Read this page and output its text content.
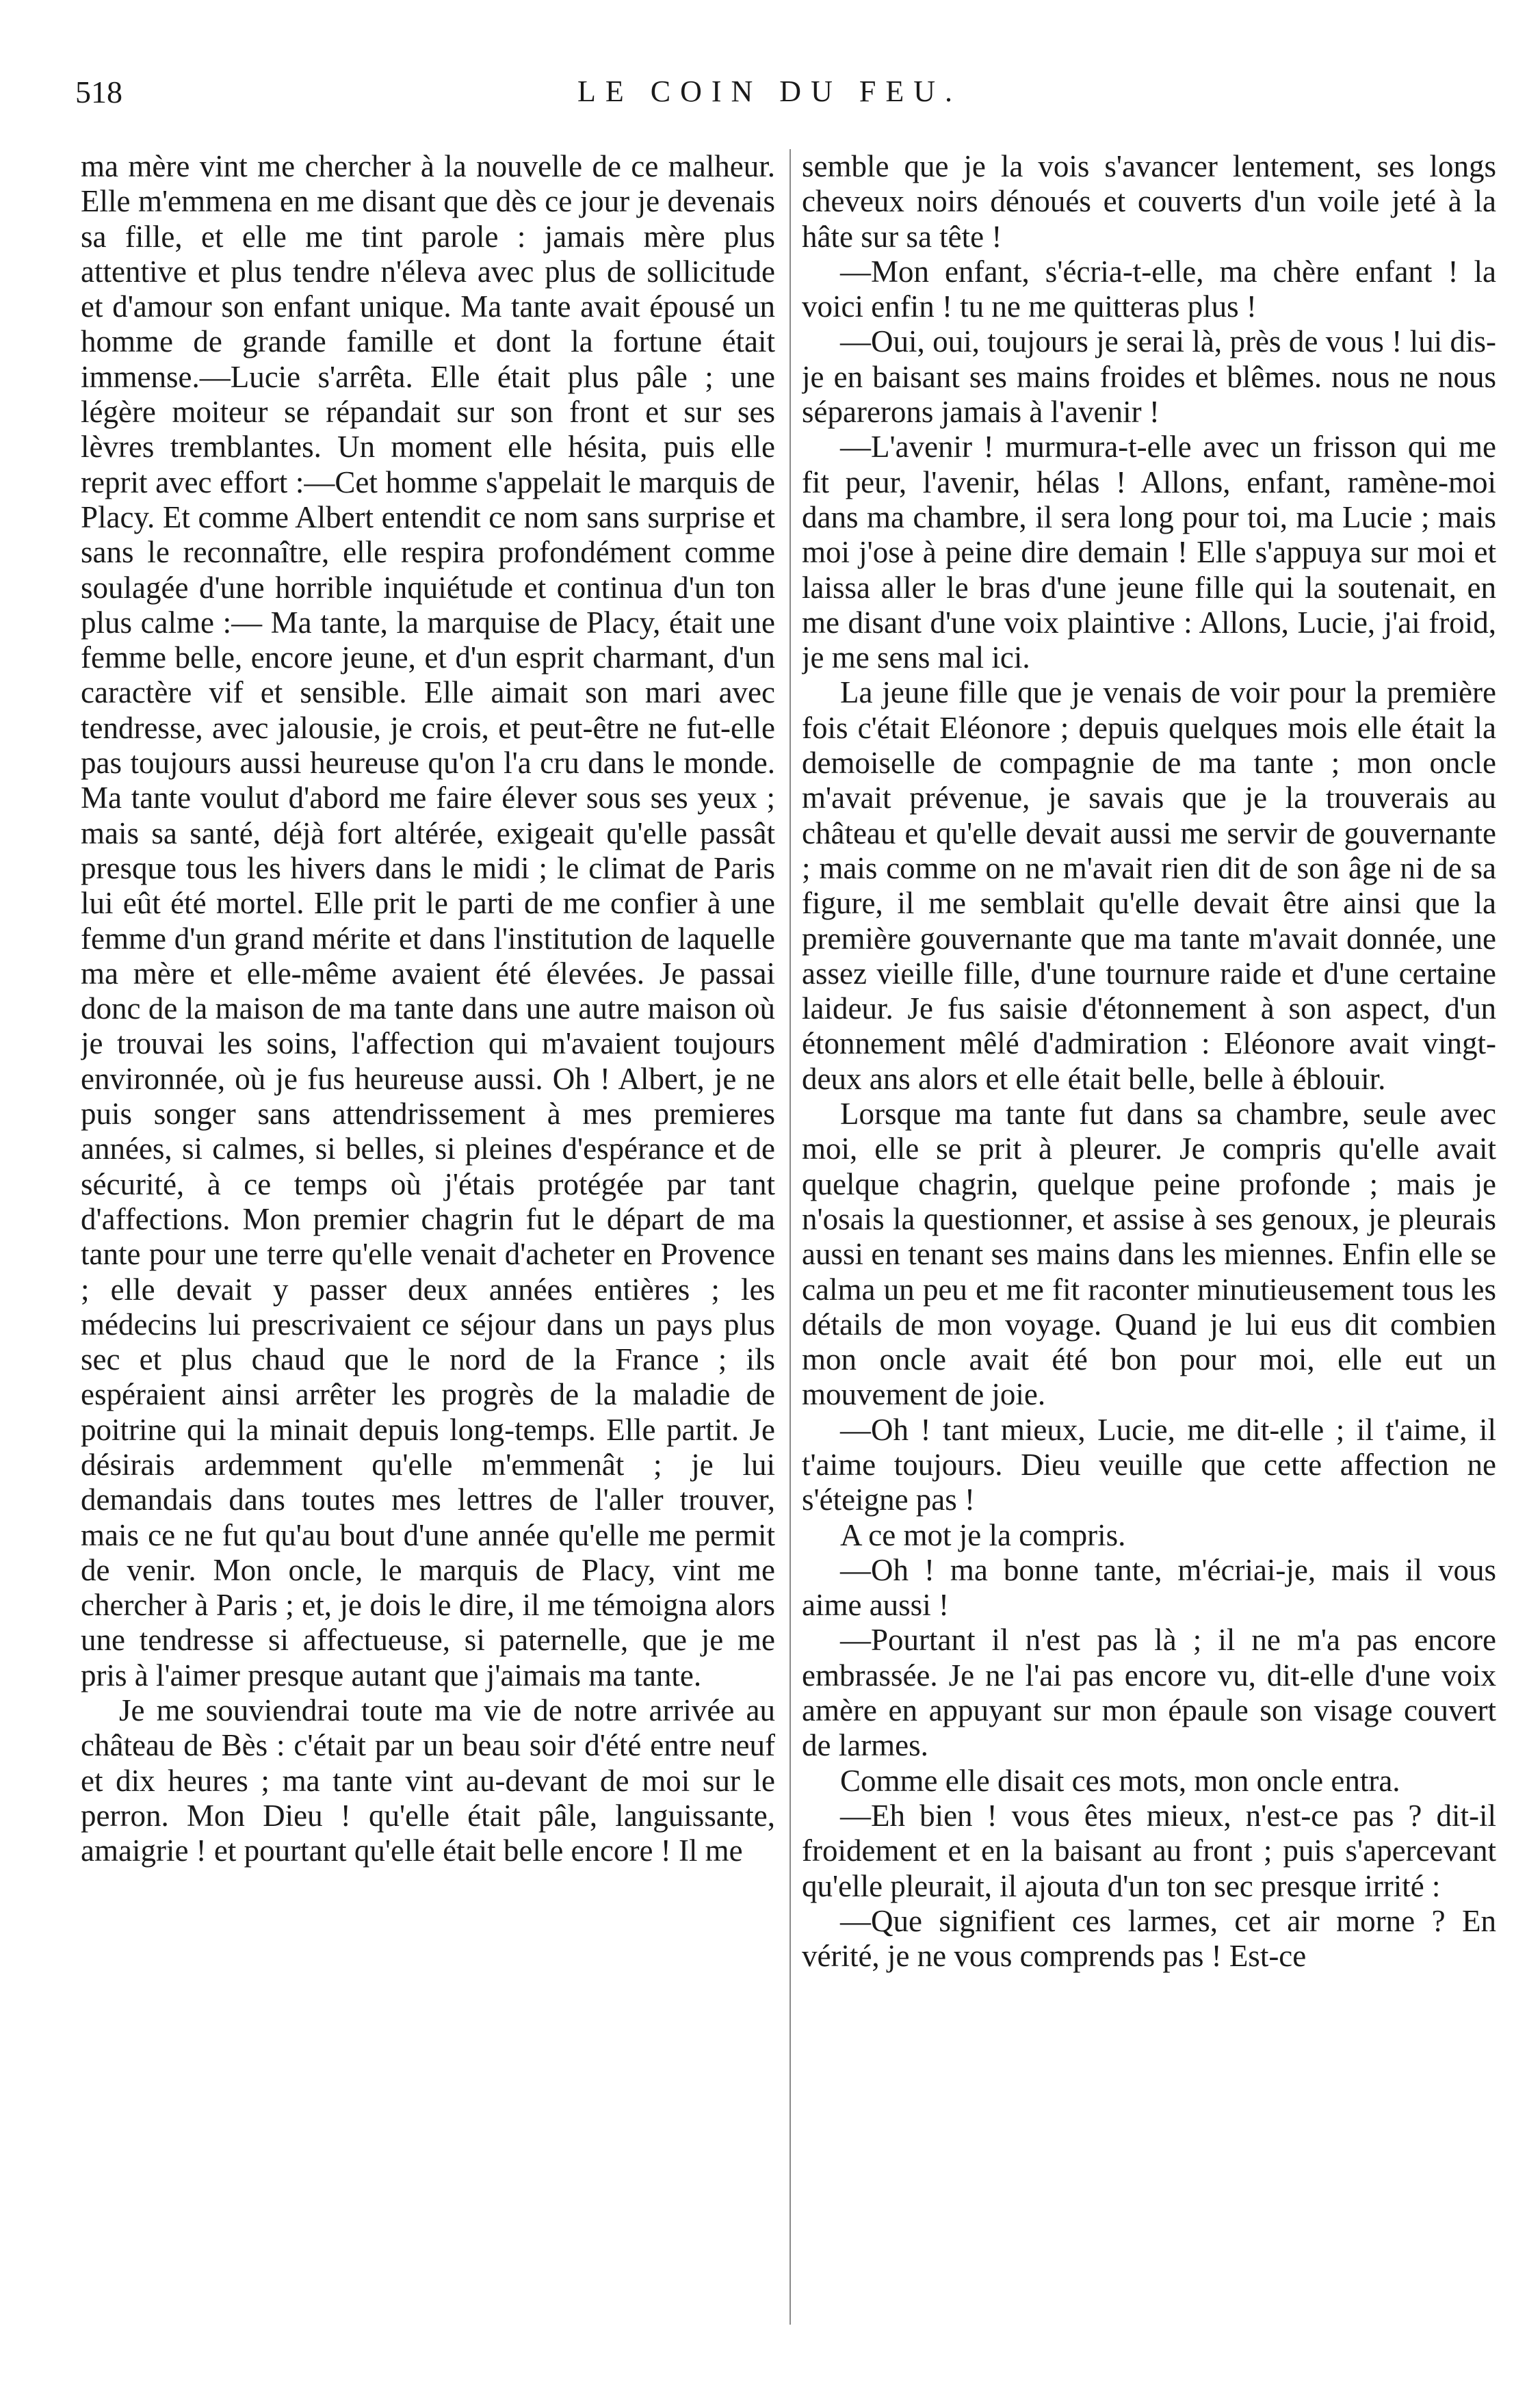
518	LE COIN DU FEU.

ma mère vint me chercher à la nouvelle de ce malheur. Elle m'emmena en me disant que dès ce jour je devenais sa fille, et elle me tint parole : jamais mère plus attentive et plus tendre n'éleva avec plus de sollicitude et d'amour son enfant unique. Ma tante avait épousé un homme de grande famille et dont la fortune était immense.—Lucie s'arrêta. Elle était plus pâle ; une légère moiteur se répandait sur son front et sur ses lèvres tremblantes. Un moment elle hésita, puis elle reprit avec effort :—Cet homme s'appelait le marquis de Placy. Et comme Albert entendit ce nom sans surprise et sans le reconnaître, elle respira profondément comme soulagée d'une horrible inquiétude et continua d'un ton plus calme :— Ma tante, la marquise de Placy, était une femme belle, encore jeune, et d'un esprit charmant, d'un caractère vif et sensible. Elle aimait son mari avec tendresse, avec jalousie, je crois, et peut-être ne fut-elle pas toujours aussi heureuse qu'on l'a cru dans le monde. Ma tante voulut d'abord me faire élever sous ses yeux ; mais sa santé, déjà fort altérée, exigeait qu'elle passât presque tous les hivers dans le midi ; le climat de Paris lui eût été mortel. Elle prit le parti de me confier à une femme d'un grand mérite et dans l'institution de laquelle ma mère et elle-même avaient été élevées. Je passai donc de la maison de ma tante dans une autre maison où je trouvai les soins, l'affection qui m'avaient toujours environnée, où je fus heureuse aussi. Oh ! Albert, je ne puis songer sans attendrissement à mes premieres années, si calmes, si belles, si pleines d'espérance et de sécurité, à ce temps où j'étais protégée par tant d'affections. Mon premier chagrin fut le départ de ma tante pour une terre qu'elle venait d'acheter en Provence ; elle devait y passer deux années entières ; les médecins lui prescrivaient ce séjour dans un pays plus sec et plus chaud que le nord de la France ; ils espéraient ainsi arrêter les progrès de la maladie de poitrine qui la minait depuis long-temps. Elle partit. Je désirais ardemment qu'elle m'emmenât ; je lui demandais dans toutes mes lettres de l'aller trouver, mais ce ne fut qu'au bout d'une année qu'elle me permit de venir. Mon oncle, le marquis de Placy, vint me chercher à Paris ; et, je dois le dire, il me témoigna alors une tendresse si affectueuse, si paternelle, que je me pris à l'aimer presque autant que j'aimais ma tante.

Je me souviendrai toute ma vie de notre arrivée au château de Bès : c'était par un beau soir d'été entre neuf et dix heures ; ma tante vint au-devant de moi sur le perron. Mon Dieu ! qu'elle était pâle, languissante, amaigrie ! et pourtant qu'elle était belle encore ! Il me

semble que je la vois s'avancer lentement, ses longs cheveux noirs dénoués et couverts d'un voile jeté à la hâte sur sa tête !

—Mon enfant, s'écria-t-elle, ma chère enfant ! la voici enfin ! tu ne me quitteras plus !

—Oui, oui, toujours je serai là, près de vous ! lui dis-je en baisant ses mains froides et blêmes. nous ne nous séparerons jamais à l'avenir !

—L'avenir ! murmura-t-elle avec un frisson qui me fit peur, l'avenir, hélas ! Allons, enfant, ramène-moi dans ma chambre, il sera long pour toi, ma Lucie ; mais moi j'ose à peine dire demain ! Elle s'appuya sur moi et laissa aller le bras d'une jeune fille qui la soutenait, en me disant d'une voix plaintive : Allons, Lucie, j'ai froid, je me sens mal ici.

La jeune fille que je venais de voir pour la première fois c'était Eléonore ; depuis quelques mois elle était la demoiselle de compagnie de ma tante ; mon oncle m'avait prévenue, je savais que je la trouverais au château et qu'elle devait aussi me servir de gouvernante ; mais comme on ne m'avait rien dit de son âge ni de sa figure, il me semblait qu'elle devait être ainsi que la première gouvernante que ma tante m'avait donnée, une assez vieille fille, d'une tournure raide et d'une certaine laideur. Je fus saisie d'étonnement à son aspect, d'un étonnement mêlé d'admiration : Eléonore avait vingt-deux ans alors et elle était belle, belle à éblouir.

Lorsque ma tante fut dans sa chambre, seule avec moi, elle se prit à pleurer. Je compris qu'elle avait quelque chagrin, quelque peine profonde ; mais je n'osais la questionner, et assise à ses genoux, je pleurais aussi en tenant ses mains dans les miennes. Enfin elle se calma un peu et me fit raconter minutieusement tous les détails de mon voyage. Quand je lui eus dit combien mon oncle avait été bon pour moi, elle eut un mouvement de joie.

—Oh ! tant mieux, Lucie, me dit-elle ; il t'aime, il t'aime toujours. Dieu veuille que cette affection ne s'éteigne pas !

A ce mot je la compris.

—Oh ! ma bonne tante, m'écriai-je, mais il vous aime aussi !

—Pourtant il n'est pas là ; il ne m'a pas encore embrassée. Je ne l'ai pas encore vu, dit-elle d'une voix amère en appuyant sur mon épaule son visage couvert de larmes.

Comme elle disait ces mots, mon oncle entra.

—Eh bien ! vous êtes mieux, n'est-ce pas ? dit-il froidement et en la baisant au front ; puis s'apercevant qu'elle pleurait, il ajouta d'un ton sec presque irrité :

—Que signifient ces larmes, cet air morne ? En vérité, je ne vous comprends pas ! Est-ce
